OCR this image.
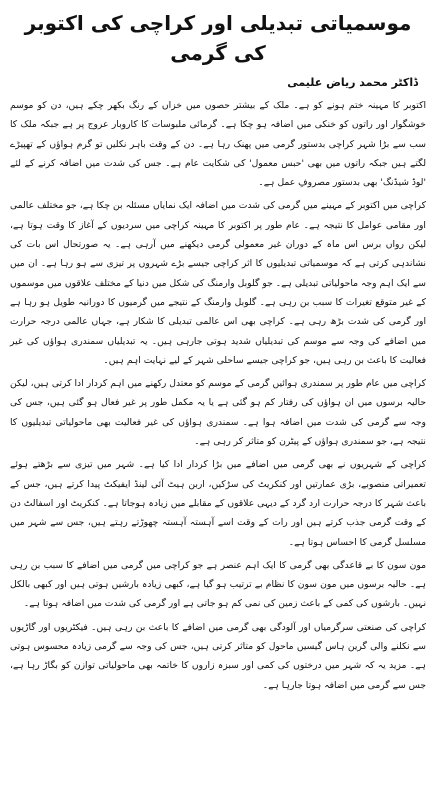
موسمیاتی تبدیلی اور کراچی کی اکتوبر کی گرمی
ڈاکٹر محمد ریاض علیمی

اکتوبر کا مہینہ ختم ہونے کو ہے۔ ملک کے بیشتر حصوں میں خزاں کے رنگ بکھر چکے ہیں، دن کو موسم خوشگوار اور راتوں کو خنکی میں اضافہ ہو چکا ہے۔ گرمائی ملبوسات کا کاروبار عروج پر ہے جبکہ ملک کا سب سے بڑا شہر کراچی بدستور گرمی میں پھنک رہا ہے۔ دن کے وقت باہر نکلیں تو گرم ہواؤں کے تھپیڑے لگتے ہیں جبکہ راتوں میں بھی 'حبس معمول' کی شکایت عام ہے۔ جس کی شدت میں اضافہ کرنے کے لئے 'لوڈ شیڈنگ' بھی بدستور مصروفِ عمل ہے۔

کراچی میں اکتوبر کے مہینے میں گرمی کی شدت میں اضافہ ایک نمایاں مسئلہ بن چکا ہے، جو مختلف عالمی اور مقامی عوامل کا نتیجہ ہے۔ عام طور پر اکتوبر کا مہینہ کراچی میں سردیوں کے آغاز کا وقت ہوتا ہے، لیکن رواں برس اس ماہ کے دوران غیر معمولی گرمی دیکھنے میں آرہی ہے۔ یہ صورتحال اس بات کی نشاندہی کرتی ہے کہ موسمیاتی تبدیلیوں کا اثر کراچی جیسے بڑے شہروں پر تیزی سے ہو رہا ہے۔ ان میں سے ایک اہم وجہ ماحولیاتی تبدیلی ہے۔ جو گلوبل وارمنگ کی شکل میں دنیا کے مختلف علاقوں میں موسموں کے غیر متوقع تغیرات کا سبب بن رہی ہے۔ گلوبل وارمنگ کے نتیجے میں گرمیوں کا دورانیہ طویل ہو رہا ہے اور گرمی کی شدت بڑھ رہی ہے۔ کراچی بھی اس عالمی تبدیلی کا شکار ہے، جہاں عالمی درجہ حرارت میں اضافے کی وجہ سے موسم کی تبدیلیاں شدید ہوتی جارہی ہیں۔ یہ تبدیلیاں سمندری ہواؤں کی غیر فعالیت کا باعث بن رہی ہیں، جو کراچی جیسے ساحلی شہر کے لیے نہایت اہم ہیں۔

کراچی میں عام طور پر سمندری ہوائیں گرمی کے موسم کو معتدل رکھنے میں اہم کردار ادا کرتی ہیں، لیکن حالیہ برسوں میں ان ہواؤں کی رفتار کم ہو گئی ہے یا یہ مکمل طور پر غیر فعال ہو گئی ہیں، جس کی وجہ سے گرمی کی شدت میں اضافہ ہوا ہے۔ سمندری ہواؤں کی غیر فعالیت بھی ماحولیاتی تبدیلیوں کا نتیجہ ہے، جو سمندری ہواؤں کے پیٹرن کو متاثر کر رہی ہے۔

کراچی کے شہریوں نے بھی گرمی میں اضافے میں بڑا کردار ادا کیا ہے۔ شہر میں تیزی سے بڑھتے ہوئے تعمیراتی منصوبے، بڑی عمارتیں اور کنکریٹ کی سڑکیں، اربن ہیٹ آئی لینڈ ایفیکٹ پیدا کرتے ہیں، جس کے باعث شہر کا درجہ حرارت ارد گرد کے دیہی علاقوں کے مقابلے میں زیادہ ہوجاتا ہے۔ کنکریٹ اور اسفالٹ دن کے وقت گرمی جذب کرتے ہیں اور رات کے وقت اسے آہستہ آہستہ چھوڑتے رہتے ہیں، جس سے شہر میں مسلسل گرمی کا احساس ہوتا ہے۔

مون سون کا بے قاعدگی بھی گرمی کا ایک اہم عنصر ہے جو کراچی میں گرمی میں اضافے کا سبب بن رہی ہے۔ حالیہ برسوں میں مون سون کا نظام بے ترتیب ہو گیا ہے، کبھی زیادہ بارشیں ہوتی ہیں اور کبھی بالکل نہیں۔ بارشوں کی کمی کے باعث زمین کی نمی کم ہو جاتی ہے اور گرمی کی شدت میں اضافہ ہوتا ہے۔

کراچی کی صنعتی سرگرمیاں اور آلودگی بھی گرمی میں اضافے کا باعث بن رہی ہیں۔ فیکٹریوں اور گاڑیوں سے نکلنے والی گرین ہاس گیسیں ماحول کو متاثر کرتی ہیں، جس کی وجہ سے گرمی زیادہ محسوس ہوتی ہے۔ مزید یہ کہ شہر میں درختوں کی کمی اور سبزہ زاروں کا خاتمہ بھی ماحولیاتی توازن کو بگاڑ رہا ہے، جس سے گرمی میں اضافہ ہوتا جارہا ہے۔
